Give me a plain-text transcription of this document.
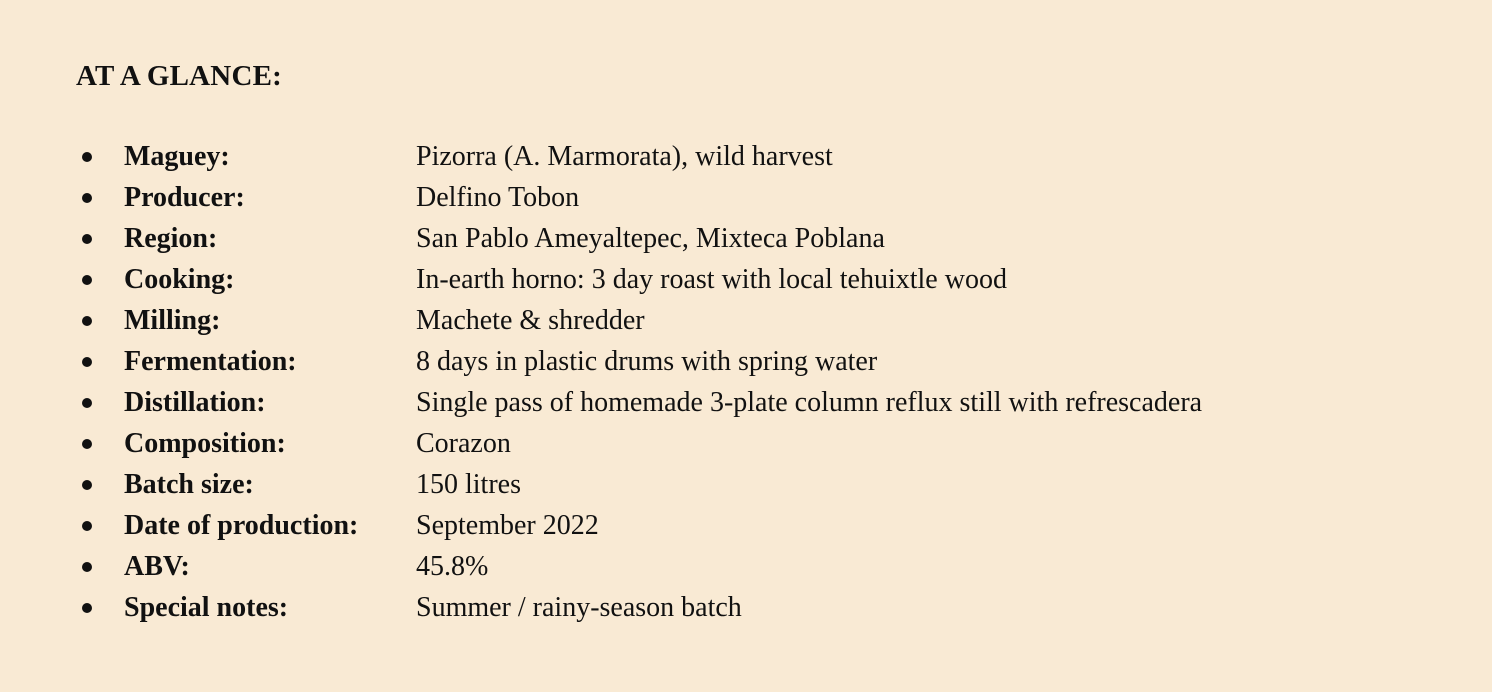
AT A GLANCE:
Maguey:	Pizorra (A. Marmorata), wild harvest
Producer:	Delfino Tobon
Region:	San Pablo Ameyaltepec, Mixteca Poblana
Cooking:	In-earth horno: 3 day roast with local tehuixtle wood
Milling:	Machete & shredder
Fermentation:	8 days in plastic drums with spring water
Distillation:	Single pass of homemade 3-plate column reflux still with refrescadera
Composition:	Corazon
Batch size:	150 litres
Date of production: September 2022
ABV:	45.8%
Special notes:	Summer / rainy-season batch
